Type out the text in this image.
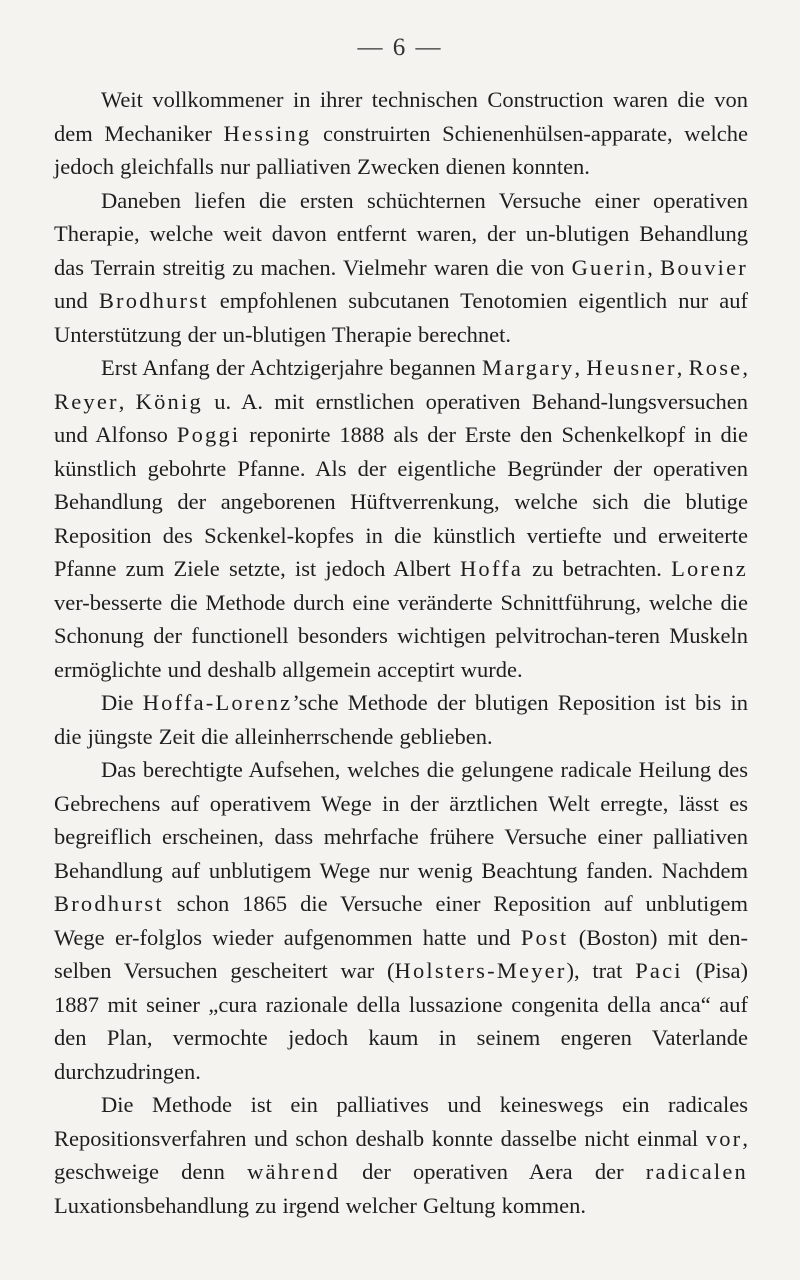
— 6 —

Weit vollkommener in ihrer technischen Construction waren die von dem Mechaniker Hessing construirten Schienenhülsen-apparate, welche jedoch gleichfalls nur palliativen Zwecken dienen konnten.

Daneben liefen die ersten schüchternen Versuche einer operativen Therapie, welche weit davon entfernt waren, der un-blutigen Behandlung das Terrain streitig zu machen. Vielmehr waren die von Guerin, Bouvier und Brodhurst empfohlenen subcutanen Tenotomien eigentlich nur auf Unterstützung der un-blutigen Therapie berechnet.

Erst Anfang der Achtzigerjahre begannen Margary, Heusner, Rose, Reyer, König u. A. mit ernstlichen operativen Behand-lungsversuchen und Alfonso Poggi reponirte 1888 als der Erste den Schenkelkopf in die künstlich gebohrte Pfanne. Als der eigentliche Begründer der operativen Behandlung der angeborenen Hüftverrenkung, welche sich die blutige Reposition des Sckenkel-kopfes in die künstlich vertiefte und erweiterte Pfanne zum Ziele setzte, ist jedoch Albert Hoffa zu betrachten. Lorenz ver-besserte die Methode durch eine veränderte Schnittführung, welche die Schonung der functionell besonders wichtigen pelvitrochan-teren Muskeln ermöglichte und deshalb allgemein acceptirt wurde.

Die Hoffa-Lorenz’sche Methode der blutigen Reposition ist bis in die jüngste Zeit die alleinherrschende geblieben.

Das berechtigte Aufsehen, welches die gelungene radicale Heilung des Gebrechens auf operativem Wege in der ärztlichen Welt erregte, lässt es begreiflich erscheinen, dass mehrfache frühere Versuche einer palliativen Behandlung auf unblutigem Wege nur wenig Beachtung fanden. Nachdem Brodhurst schon 1865 die Versuche einer Reposition auf unblutigem Wege er-folglos wieder aufgenommen hatte und Post (Boston) mit den-selben Versuchen gescheitert war (Holsters-Meyer), trat Paci (Pisa) 1887 mit seiner „cura razionale della lussazione congenita della anca“ auf den Plan, vermochte jedoch kaum in seinem engeren Vaterlande durchzudringen.

Die Methode ist ein palliatives und keineswegs ein radicales Repositionsverfahren und schon deshalb konnte dasselbe nicht einmal vor, geschweige denn während der operativen Aera der radicalen Luxationsbehandlung zu irgend welcher Geltung kommen.
